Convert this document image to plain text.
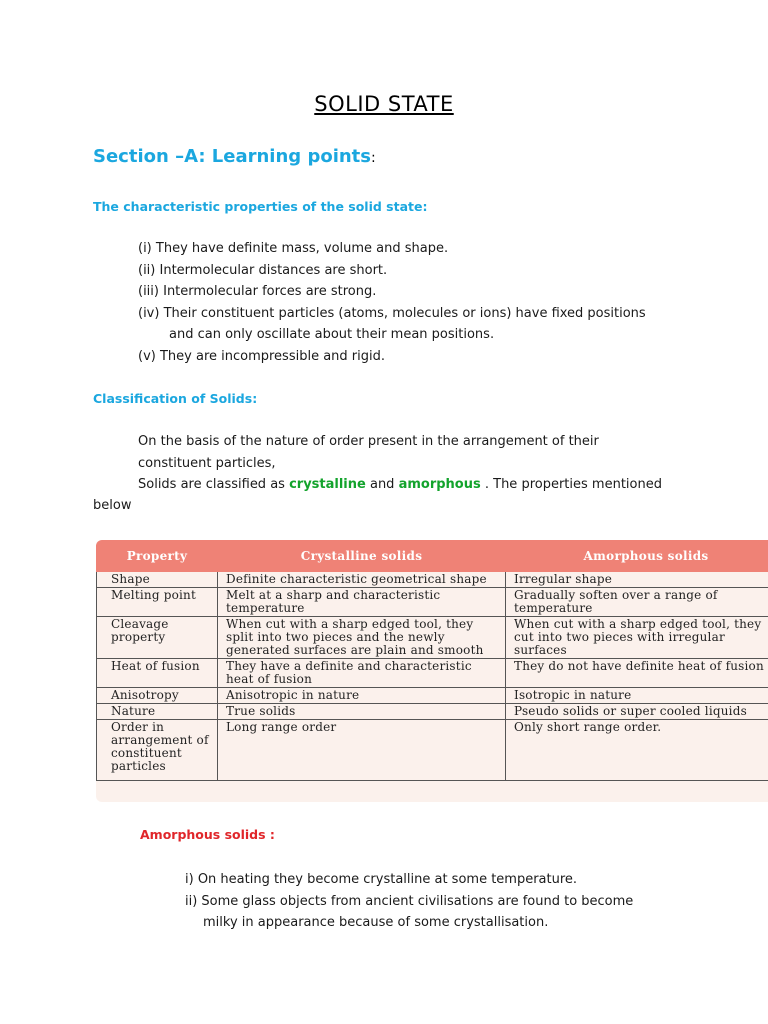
SOLID STATE
Section –A: Learning points:
The characteristic properties of the solid state:
(i) They have definite mass, volume and shape.
(ii) Intermolecular distances are short.
(iii) Intermolecular forces are strong.
(iv) Their constituent particles (atoms, molecules or ions) have fixed positions
and can only oscillate about their mean positions.
(v) They are incompressible and rigid.
Classification of Solids:
On the basis of the nature of order present in the arrangement of their
constituent particles,
Solids are classified as crystalline and amorphous . The properties mentioned
below
Property	Crystalline solids	Amorphous solids
Shape	Definite characteristic geometrical shape	Irregular shape
Melting point	Melt at a sharp and characteristic temperature	Gradually soften over a range of temperature
Cleavage property	When cut with a sharp edged tool, they split into two pieces and the newly generated surfaces are plain and smooth	When cut with a sharp edged tool, they cut into two pieces with irregular surfaces
Heat of fusion	They have a definite and characteristic heat of fusion	They do not have definite heat of fusion
Anisotropy	Anisotropic in nature	Isotropic in nature
Nature	True solids	Pseudo solids or super cooled liquids
Order in arrangement of constituent particles	Long range order	Only short range order.
Amorphous solids :
i) On heating they become crystalline at some temperature.
ii) Some glass objects from ancient civilisations are found to become
milky in appearance because of some crystallisation.
